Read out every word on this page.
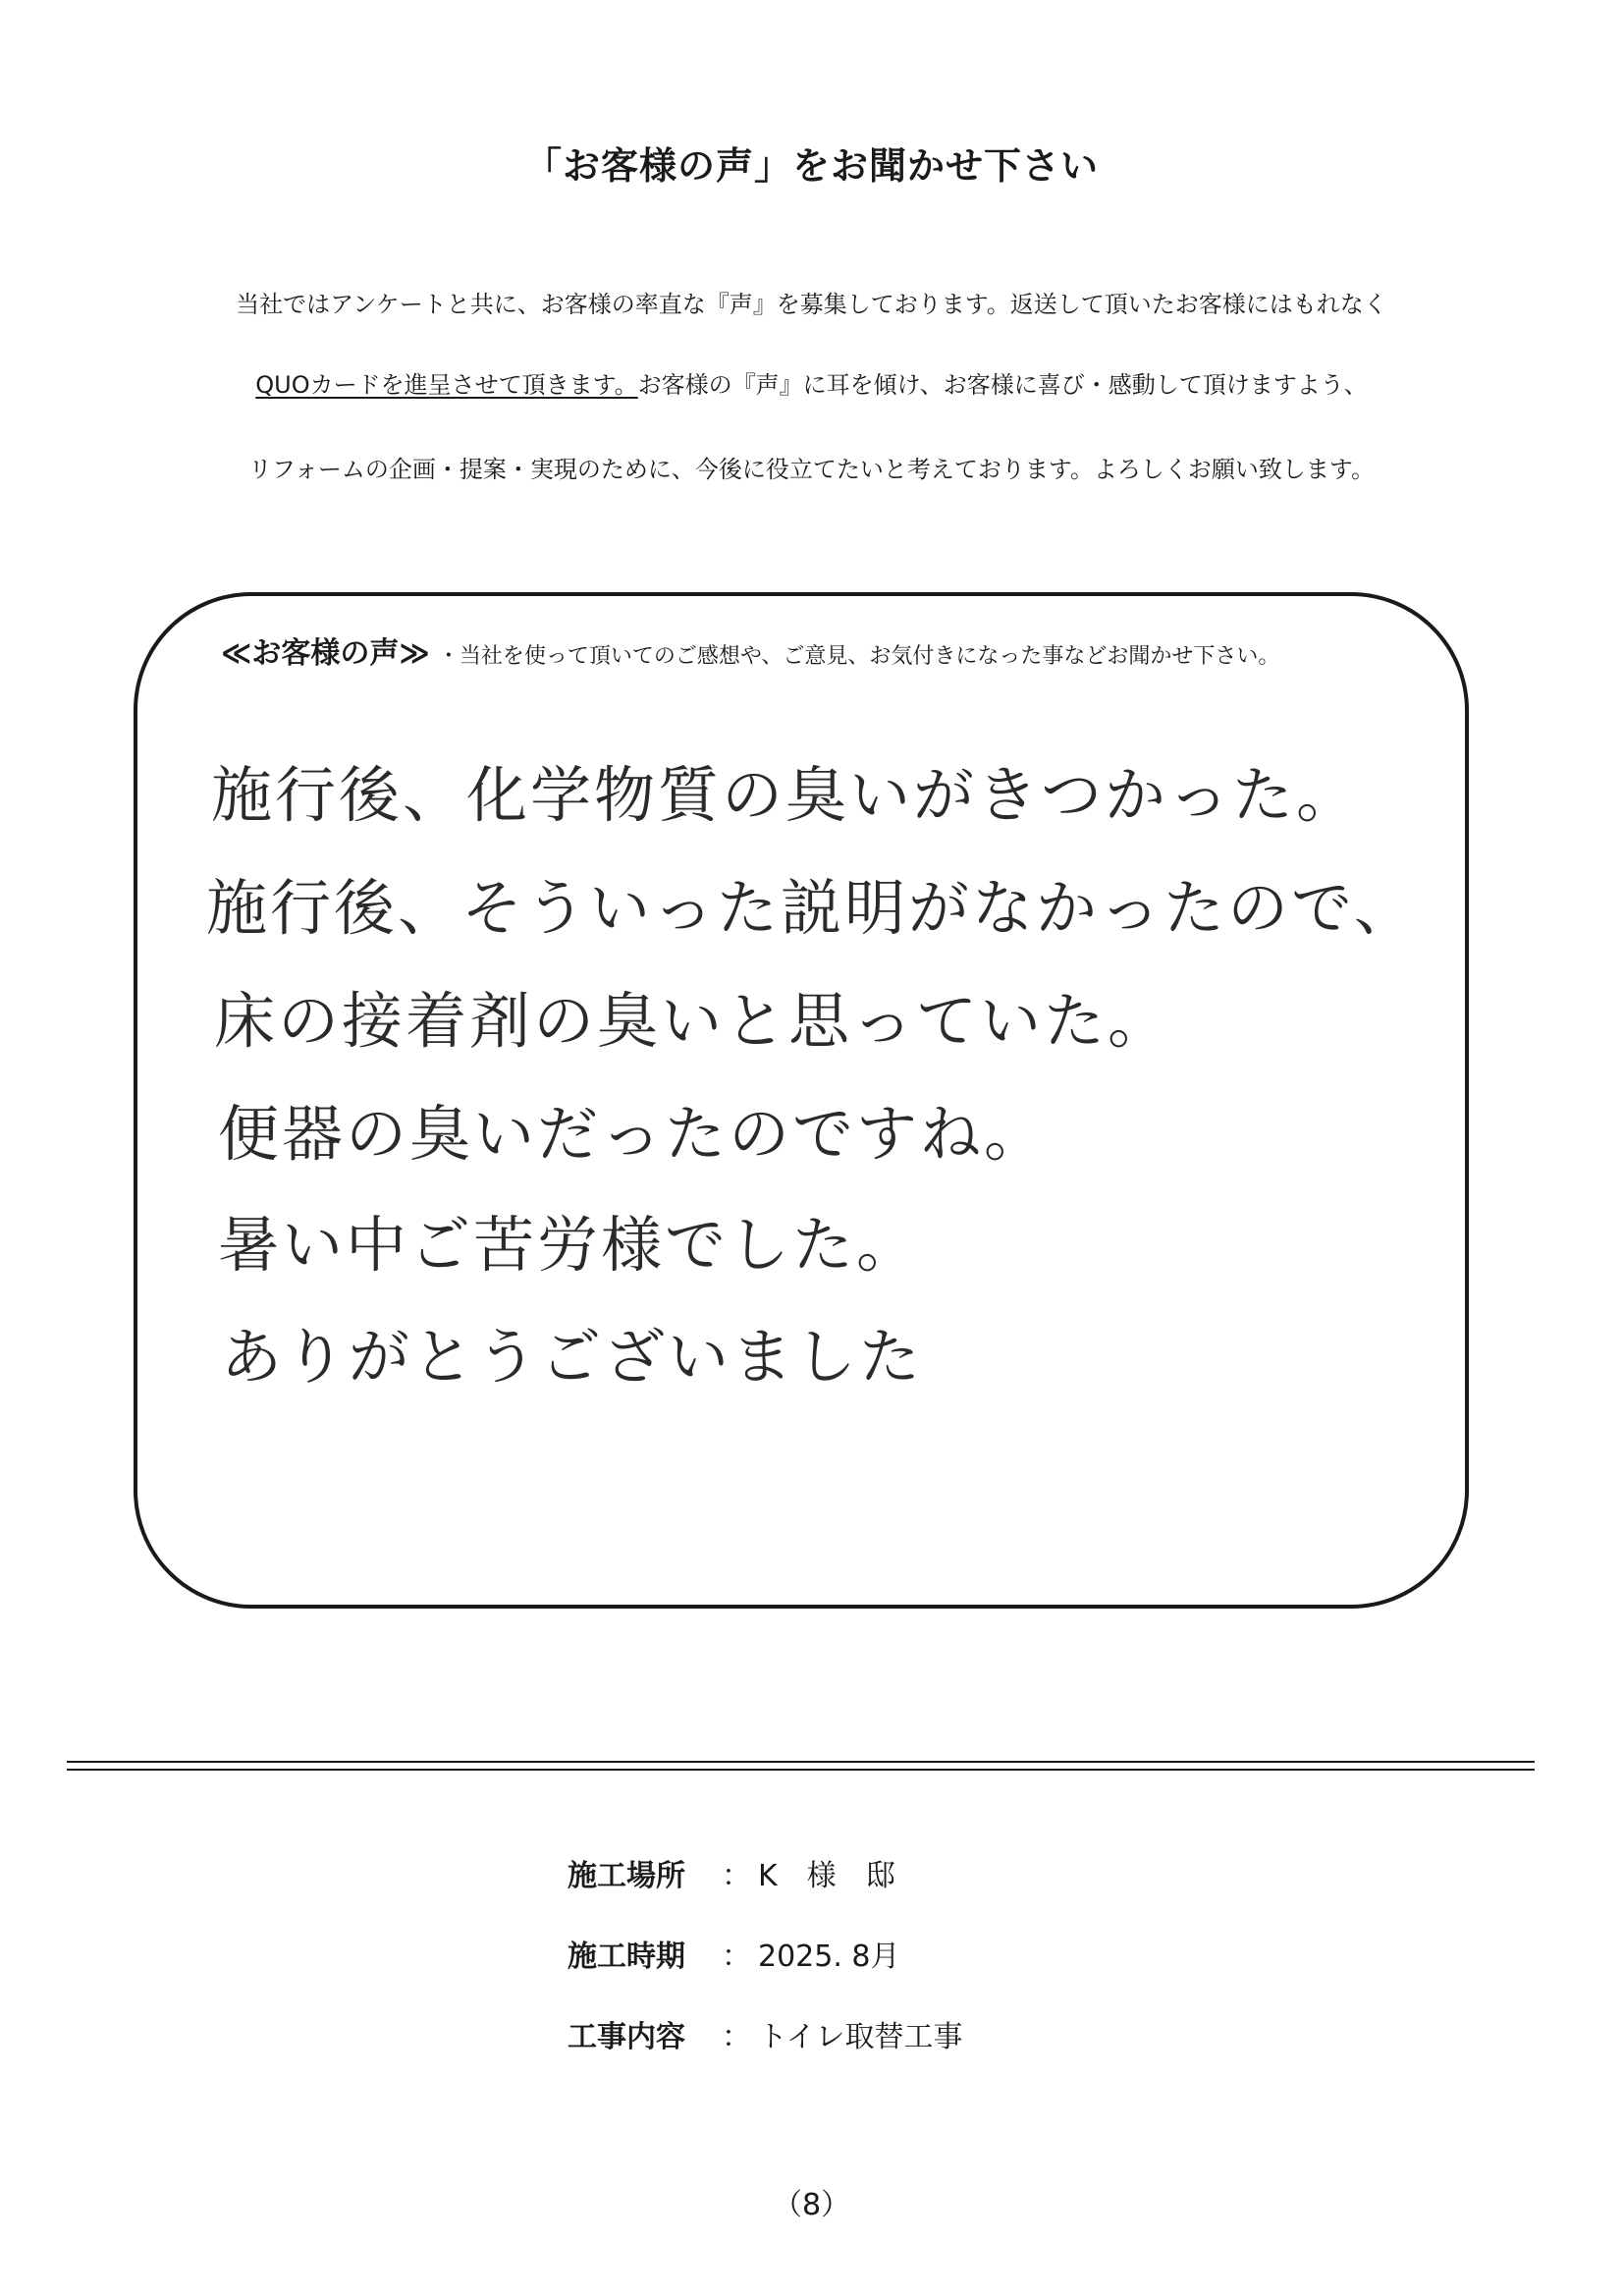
「お客様の声」をお聞かせ下さい
当社ではアンケートと共に、お客様の率直な『声』を募集しております。返送して頂いたお客様にはもれなく
QUOカードを進呈させて頂きます。お客様の『声』に耳を傾け、お客様に喜び・感動して頂けますよう、
リフォームの企画・提案・実現のために、今後に役立てたいと考えております。よろしくお願い致します。
≪お客様の声≫ ・当社を使って頂いてのご感想や、ご意見、お気付きになった事などお聞かせ下さい。
施行後、化学物質の臭いがきつかった。
施行後、そういった説明がなかったので、
床の接着剤の臭いと思っていた。
便器の臭いだったのですね。
暑い中ご苦労様でした。
ありがとうございました
施工場所 ： K　様　邸
施工時期 ： 2025. 8月
工事内容 ： トイレ取替工事
（8）
